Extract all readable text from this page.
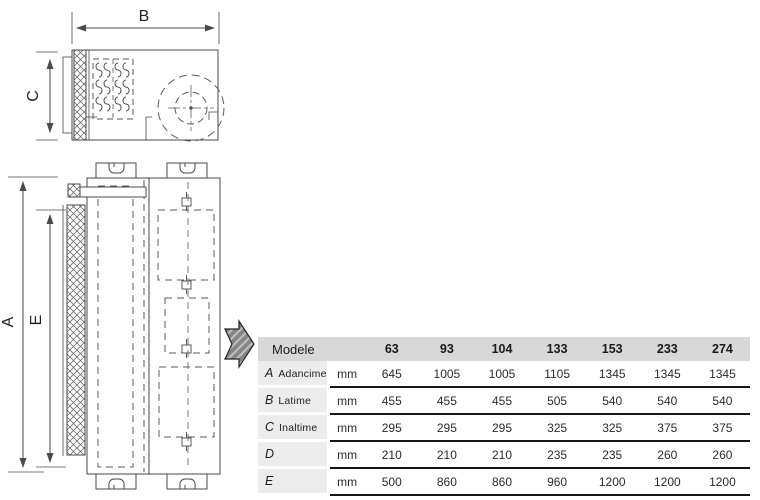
B
C
A E
Modele		63	93	104	133	153	233	274
A Adancime	mm	645	1005	1005	1105	1345	1345	1345
B Latime	mm	455	455	455	505	540	540	540
C Inaltime	mm	295	295	295	325	325	375	375
D	mm	210	210	210	235	235	260	260
E	mm	500	860	860	960	1200	1200	1200
